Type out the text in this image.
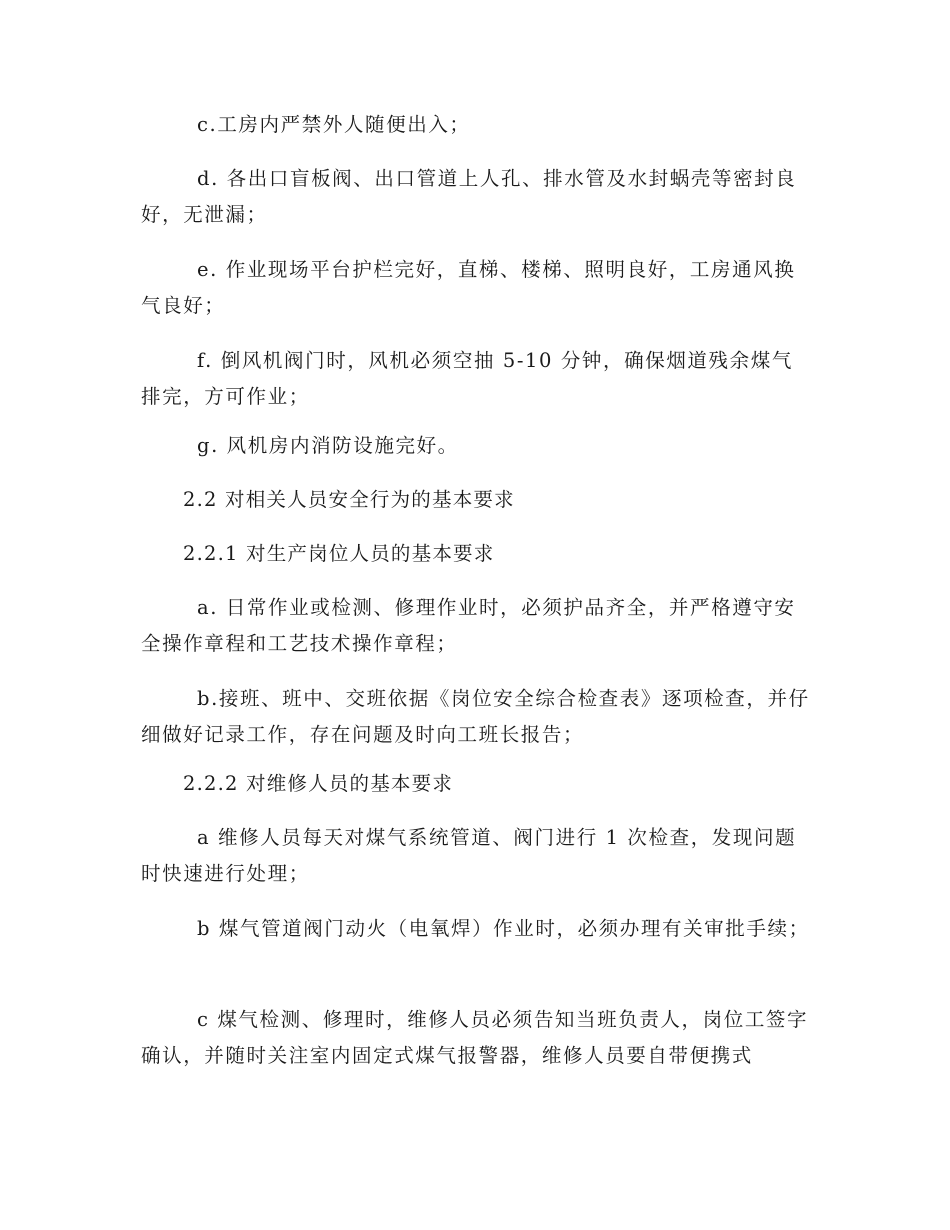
c.工房内严禁外人随便出入；

d. 各出口盲板阀、出口管道上人孔、排水管及水封蜗壳等密封良好，无泄漏；

e. 作业现场平台护栏完好，直梯、楼梯、照明良好，工房通风换气良好；

f. 倒风机阀门时，风机必须空抽 5-10 分钟，确保烟道残余煤气排完，方可作业；

g. 风机房内消防设施完好。

2.2 对相关人员安全行为的基本要求

2.2.1 对生产岗位人员的基本要求

a. 日常作业或检测、修理作业时，必须护品齐全，并严格遵守安全操作章程和工艺技术操作章程；

b.接班、班中、交班依据《岗位安全综合检查表》逐项检查，并仔细做好记录工作，存在问题及时向工班长报告；

2.2.2 对维修人员的基本要求

a 维修人员每天对煤气系统管道、阀门进行 1 次检查，发现问题时快速进行处理；

b 煤气管道阀门动火（电氧焊）作业时，必须办理有关审批手续；

c 煤气检测、修理时，维修人员必须告知当班负责人，岗位工签字确认，并随时关注室内固定式煤气报警器，维修人员要自带便携式
